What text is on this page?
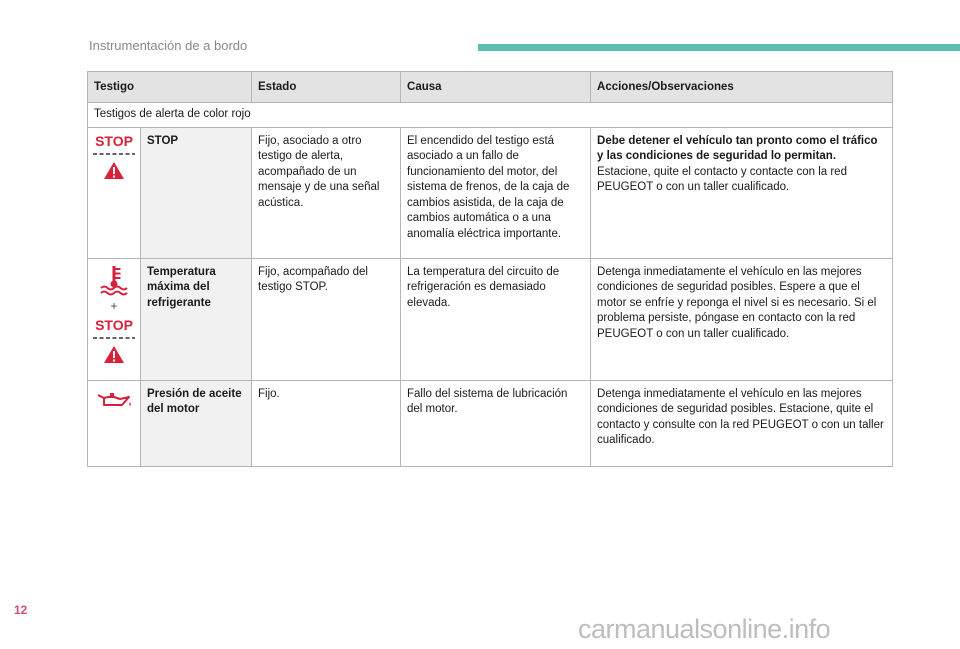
Instrumentación de a bordo
Testigo		Estado	Causa	Acciones/Observaciones
Testigos de alerta de color rojo				

STOP	STOP	Fijo, asociado a otro testigo de alerta, acompañado de un mensaje y de una señal acústica.	El encendido del testigo está asociado a un fallo de funcionamiento del motor, del sistema de frenos, de la caja de cambios asistida, de la caja de cambios automática o a una anomalía eléctrica importante.	Debe detener el vehículo tan pronto como el tráfico y las condiciones de seguridad lo permitan.
Estacione, quite el contacto y contacte con la red PEUGEOT o con un taller cualificado.

+
STOP	Temperatura máxima del refrigerante	Fijo, acompañado del testigo STOP.	La temperatura del circuito de refrigeración es demasiado elevada.	Detenga inmediatamente el vehículo en las mejores condiciones de seguridad posibles. Espere a que el motor se enfríe y reponga el nivel si es necesario. Si el problema persiste, póngase en contacto con la red PEUGEOT o con un taller cualificado.

	Presión de aceite del motor	Fijo.	Fallo del sistema de lubricación del motor.	Detenga inmediatamente el vehículo en las mejores condiciones de seguridad posibles. Estacione, quite el contacto y consulte con la red PEUGEOT o con un taller cualificado.
12
carmanualsonline.info
